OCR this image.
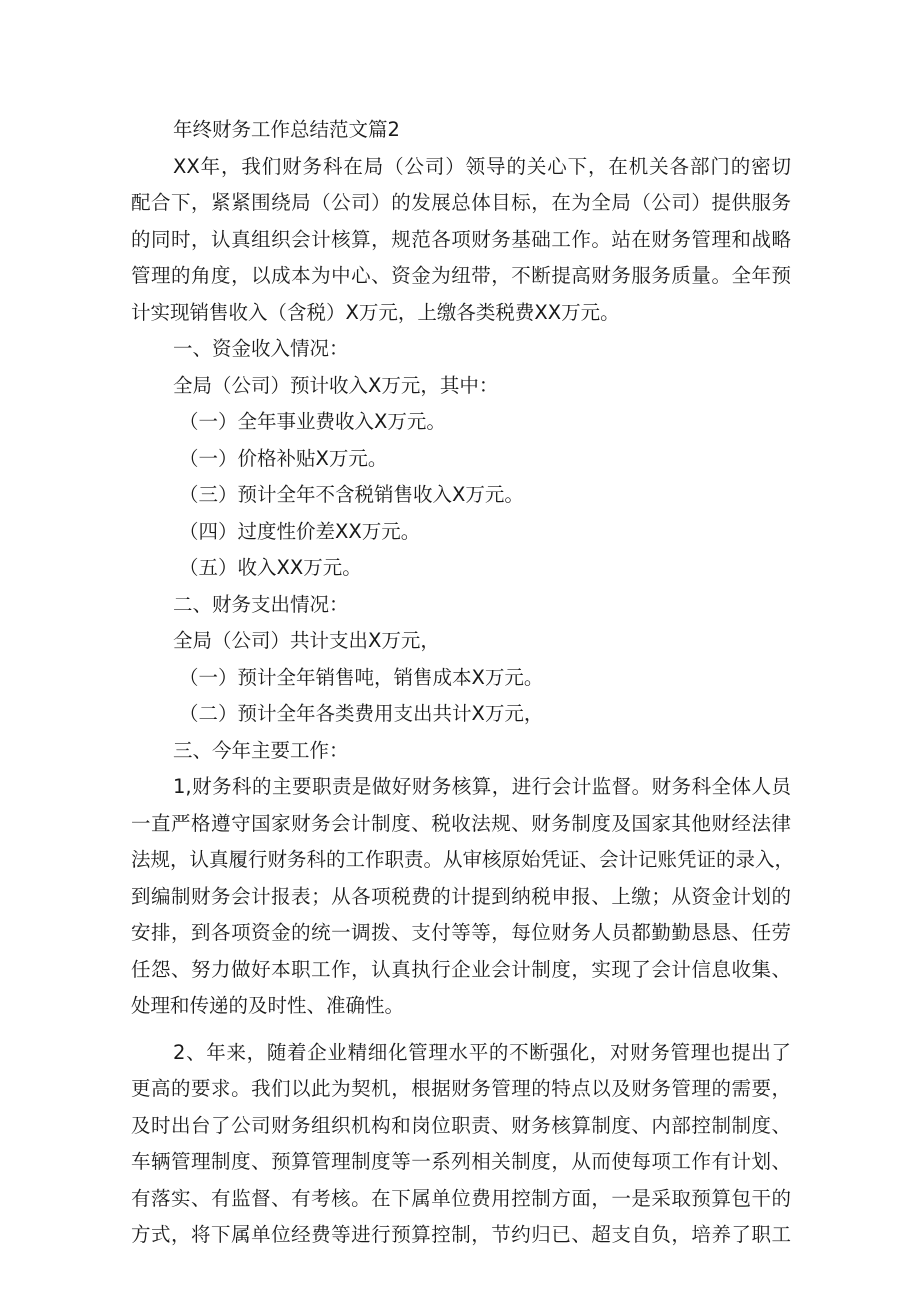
年终财务工作总结范文篇2

XX年，我们财务科在局（公司）领导的关心下，在机关各部门的密切

配合下，紧紧围绕局（公司）的发展总体目标，在为全局（公司）提供服务

的同时，认真组织会计核算，规范各项财务基础工作。站在财务管理和战略

管理的角度，以成本为中心、资金为纽带，不断提高财务服务质量。全年预

计实现销售收入（含税）X万元，上缴各类税费XX万元。

一、资金收入情况：

全局（公司）预计收入X万元，其中：

（一）全年事业费收入X万元。

（一）价格补贴X万元。

（三）预计全年不含税销售收入X万元。

（四）过度性价差XX万元。

（五）收入XX万元。

二、财务支出情况：

全局（公司）共计支出X万元，

（一）预计全年销售吨，销售成本X万元。

（二）预计全年各类费用支出共计X万元，

三、今年主要工作：

1,财务科的主要职责是做好财务核算，进行会计监督。财务科全体人员

一直严格遵守国家财务会计制度、税收法规、财务制度及国家其他财经法律

法规，认真履行财务科的工作职责。从审核原始凭证、会计记账凭证的录入，

到编制财务会计报表；从各项税费的计提到纳税申报、上缴；从资金计划的

安排，到各项资金的统一调拨、支付等等，每位财务人员都勤勤恳恳、任劳

任怨、努力做好本职工作，认真执行企业会计制度，实现了会计信息收集、

处理和传递的及时性、准确性。

2、年来，随着企业精细化管理水平的不断强化，对财务管理也提出了

更高的要求。我们以此为契机，根据财务管理的特点以及财务管理的需要，

及时出台了公司财务组织机构和岗位职责、财务核算制度、内部控制制度、

车辆管理制度、预算管理制度等一系列相关制度，从而使每项工作有计划、

有落实、有监督、有考核。在下属单位费用控制方面，一是采取预算包干的

方式，将下属单位经费等进行预算控制，节约归已、超支自负，培养了职工
